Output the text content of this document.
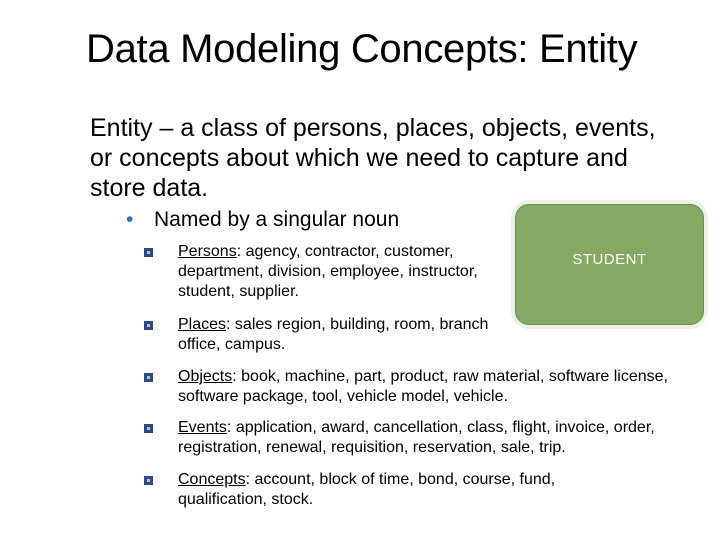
Data Modeling Concepts: Entity
Entity – a class of persons, places, objects, events, or concepts about which we need to capture and store data.
• Named by a singular noun
STUDENT
Persons: agency, contractor, customer, department, division, employee, instructor, student, supplier.
Places: sales region, building, room, branch office, campus.
Objects: book, machine, part, product, raw material, software license, software package, tool, vehicle model, vehicle.
Events: application, award, cancellation, class, flight, invoice, order, registration, renewal, requisition, reservation, sale, trip.
Concepts: account, block of time, bond, course, fund, qualification, stock.
